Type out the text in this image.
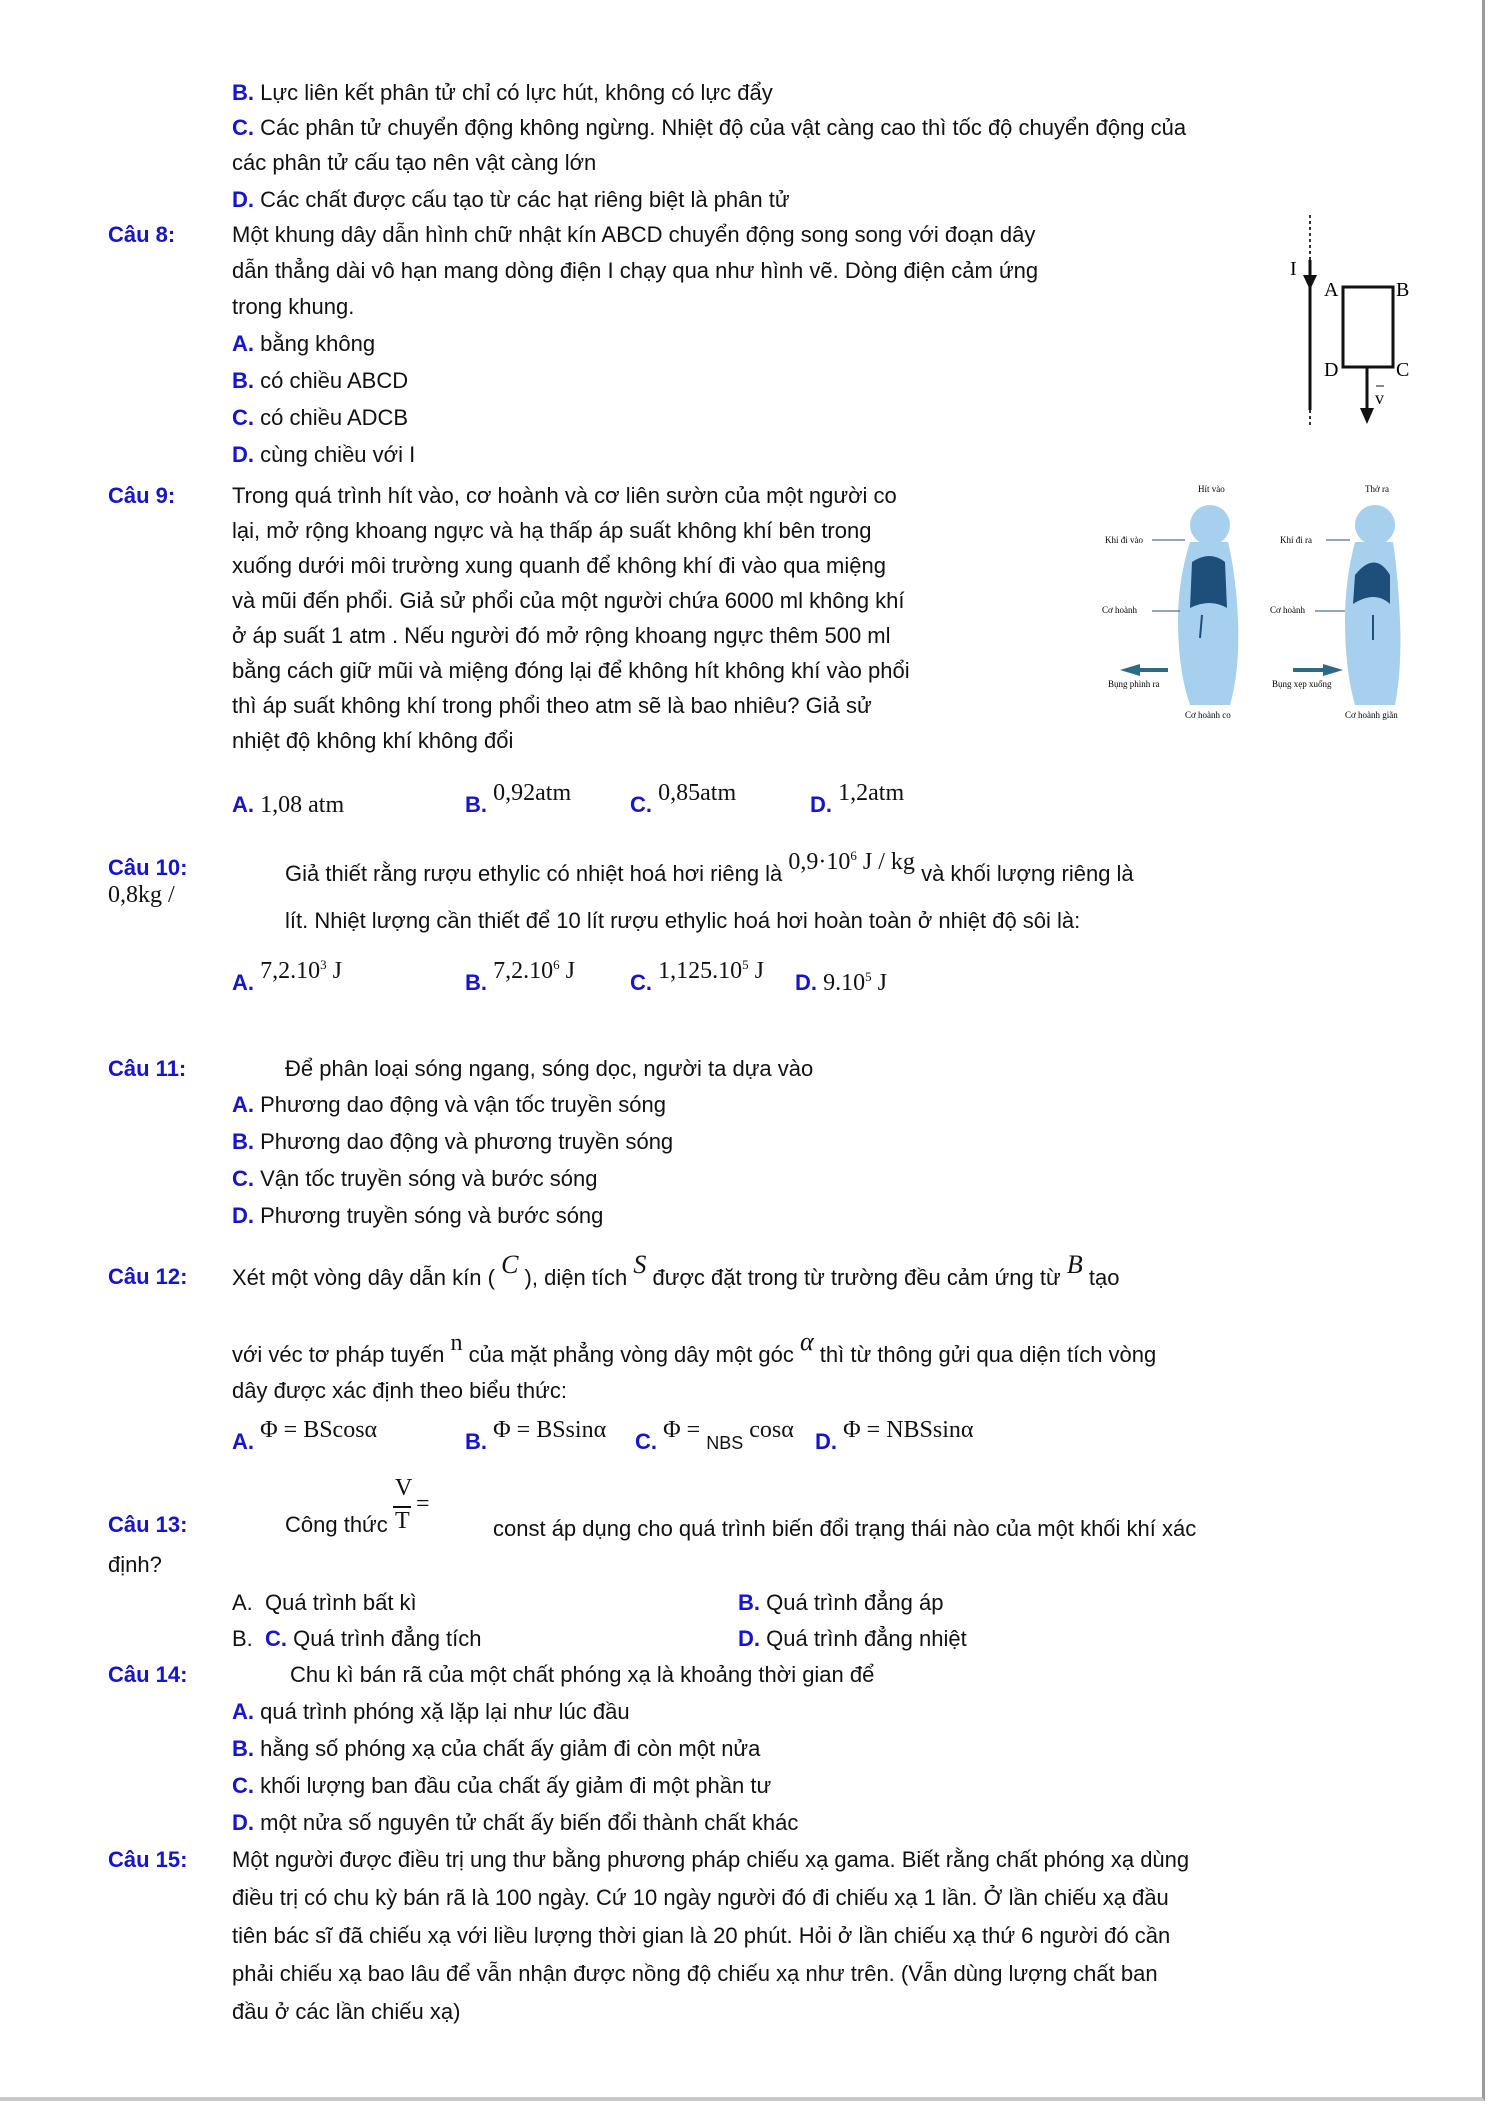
B. Lực liên kết phân tử chỉ có lực hút, không có lực đẩy
C. Các phân tử chuyển động không ngừng. Nhiệt độ của vật càng cao thì tốc độ chuyển động của
các phân tử cấu tạo nên vật càng lớn
D. Các chất được cấu tạo từ các hạt riêng biệt là phân tử
Câu 8:	Một khung dây dẫn hình chữ nhật kín ABCD chuyển động song song với đoạn dây
dẫn thẳng dài vô hạn mang dòng điện I chạy qua như hình vẽ. Dòng điện cảm ứng
trong khung.
A. bằng không
B. có chiều ABCD
C. có chiều ADCB
D. cùng chiều với I
I
A	B
D	C
v
Câu 9:	Trong quá trình hít vào, cơ hoành và cơ liên sườn của một người co
lại, mở rộng khoang ngực và hạ thấp áp suất không khí bên trong
xuống dưới môi trường xung quanh để không khí đi vào qua miệng
và mũi đến phổi. Giả sử phổi của một người chứa 6000 ml không khí
ở áp suất 1 atm . Nếu người đó mở rộng khoang ngực thêm 500 ml
bằng cách giữ mũi và miệng đóng lại để không hít không khí vào phổi
thì áp suất không khí trong phổi theo atm sẽ là bao nhiêu? Giả sử
nhiệt độ không khí không đổi
Hít vào
Khí đi vào
Cơ hoành
Bụng phình ra
Cơ hoành co
Thở ra
Khí đi ra
Cơ hoành
Bụng xẹp xuống
Cơ hoành giãn
A. 1,08 atm	B. 0,92atm	C. 0,85atm	D. 1,2atm
Câu 10:	Giả thiết rằng rượu ethylic có nhiệt hoá hơi riêng là $0,9\cdot 10^6$ J / kg và khối lượng riêng là
0,8kg /
lít. Nhiệt lượng cần thiết để 10 lít rượu ethylic hoá hơi hoàn toàn ở nhiệt độ sôi là:
A. 7,2.10$^3$ J	B. 7,2.10$^6$ J	C. 1,125.10$^5$ J D. 9.10$^5$ J
Câu 11:	Để phân loại sóng ngang, sóng dọc, người ta dựa vào
A. Phương dao động và vận tốc truyền sóng
B. Phương dao động và phương truyền sóng
C. Vận tốc truyền sóng và bước sóng
D. Phương truyền sóng và bước sóng
Câu 12: Xét một vòng dây dẫn kín ( C ), diện tích S được đặt trong từ trường đều cảm ứng từ B tạo
với véc tơ pháp tuyến n của mặt phẳng vòng dây một góc α thì từ thông gửi qua diện tích vòng
dây được xác định theo biểu thức:
A. Φ = BScosα	B. Φ = BSsinα C. Φ = NBS cosα D. Φ = NBSsinα
Câu 13:	Công thức
V
=
T	const áp dụng cho quá trình biến đổi trạng thái nào của một khối khí xác
định?
A. Quá trình bất kì	B. Quá trình đẳng áp
B. C. Quá trình đẳng tích	D. Quá trình đẳng nhiệt
Câu 14:	Chu kì bán rã của một chất phóng xạ là khoảng thời gian để
A. quá trình phóng xặ lặp lại như lúc đầu
B. hằng số phóng xạ của chất ấy giảm đi còn một nửa
C. khối lượng ban đầu của chất ấy giảm đi một phần tư
D. một nửa số nguyên tử chất ấy biến đổi thành chất khác
Câu 15: Một người được điều trị ung thư bằng phương pháp chiếu xạ gama. Biết rằng chất phóng xạ dùng
điều trị có chu kỳ bán rã là 100 ngày. Cứ 10 ngày người đó đi chiếu xạ 1 lần. Ở lần chiếu xạ đầu
tiên bác sĩ đã chiếu xạ với liều lượng thời gian là 20 phút. Hỏi ở lần chiếu xạ thứ 6 người đó cần
phải chiếu xạ bao lâu để vẫn nhận được nồng độ chiếu xạ như trên. (Vẫn dùng lượng chất ban
đầu ở các lần chiếu xạ)
